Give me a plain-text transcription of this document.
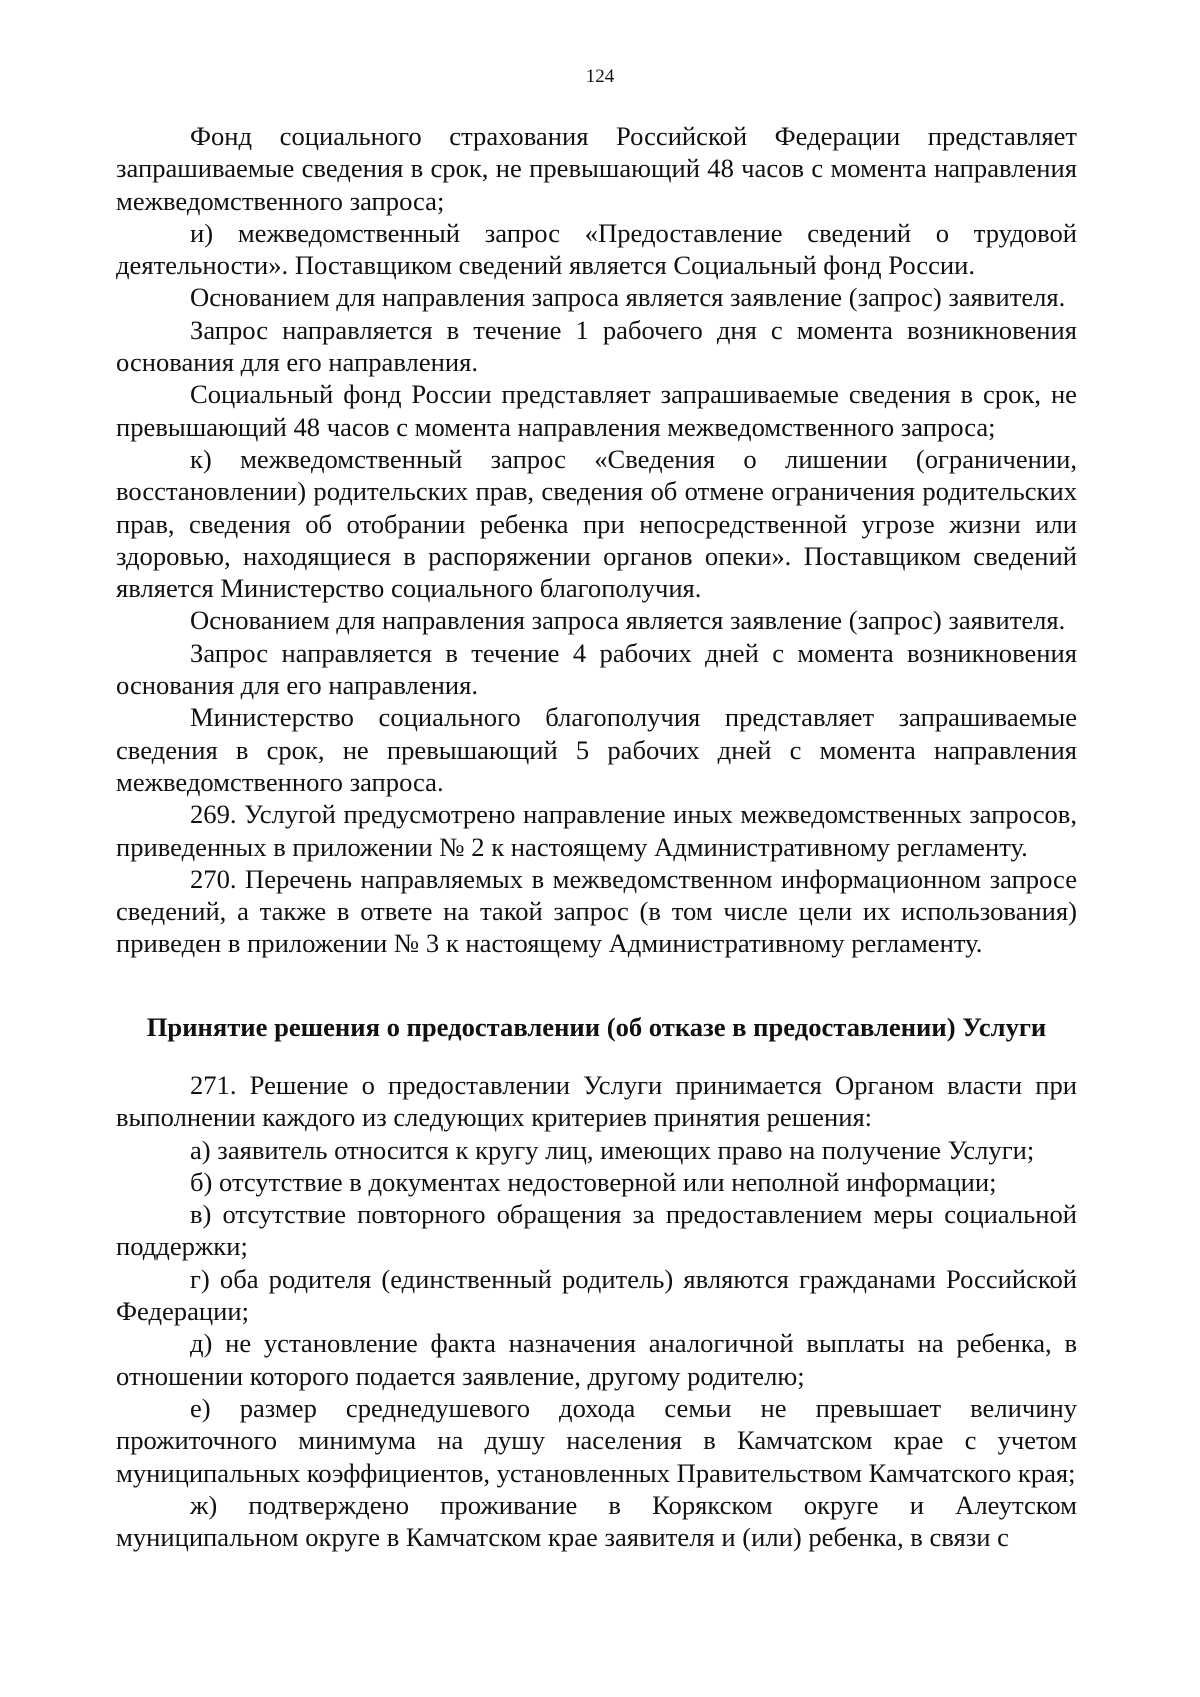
124

Фонд социального страхования Российской Федерации представляет запрашиваемые сведения в срок, не превышающий 48 часов с момента направления межведомственного запроса;

и) межведомственный запрос «Предоставление сведений о трудовой деятельности». Поставщиком сведений является Социальный фонд России.

Основанием для направления запроса является заявление (запрос) заявителя.

Запрос направляется в течение 1 рабочего дня с момента возникновения основания для его направления.

Социальный фонд России представляет запрашиваемые сведения в срок, не превышающий 48 часов с момента направления межведомственного запроса;

к) межведомственный запрос «Сведения о лишении (ограничении, восстановлении) родительских прав, сведения об отмене ограничения родительских прав, сведения об отобрании ребенка при непосредственной угрозе жизни или здоровью, находящиеся в распоряжении органов опеки». Поставщиком сведений является Министерство социального благополучия.

Основанием для направления запроса является заявление (запрос) заявителя.

Запрос направляется в течение 4 рабочих дней с момента возникновения основания для его направления.

Министерство социального благополучия представляет запрашиваемые сведения в срок, не превышающий 5 рабочих дней с момента направления межведомственного запроса.

269. Услугой предусмотрено направление иных межведомственных запросов, приведенных в приложении № 2 к настоящему Административному регламенту.

270. Перечень направляемых в межведомственном информационном запросе сведений, а также в ответе на такой запрос (в том числе цели их использования) приведен в приложении № 3 к настоящему Административному регламенту.

Принятие решения о предоставлении (об отказе в предоставлении) Услуги

271. Решение о предоставлении Услуги принимается Органом власти при выполнении каждого из следующих критериев принятия решения:

а) заявитель относится к кругу лиц, имеющих право на получение Услуги;

б) отсутствие в документах недостоверной или неполной информации;

в) отсутствие повторного обращения за предоставлением меры социальной поддержки;

г) оба родителя (единственный родитель) являются гражданами Российской Федерации;

д) не установление факта назначения аналогичной выплаты на ребенка, в отношении которого подается заявление, другому родителю;

е) размер среднедушевого дохода семьи не превышает величину прожиточного минимума на душу населения в Камчатском крае с учетом муниципальных коэффициентов, установленных Правительством Камчатского края;

ж) подтверждено проживание в Корякском округе и Алеутском муниципальном округе в Камчатском крае заявителя и (или) ребенка, в связи с
